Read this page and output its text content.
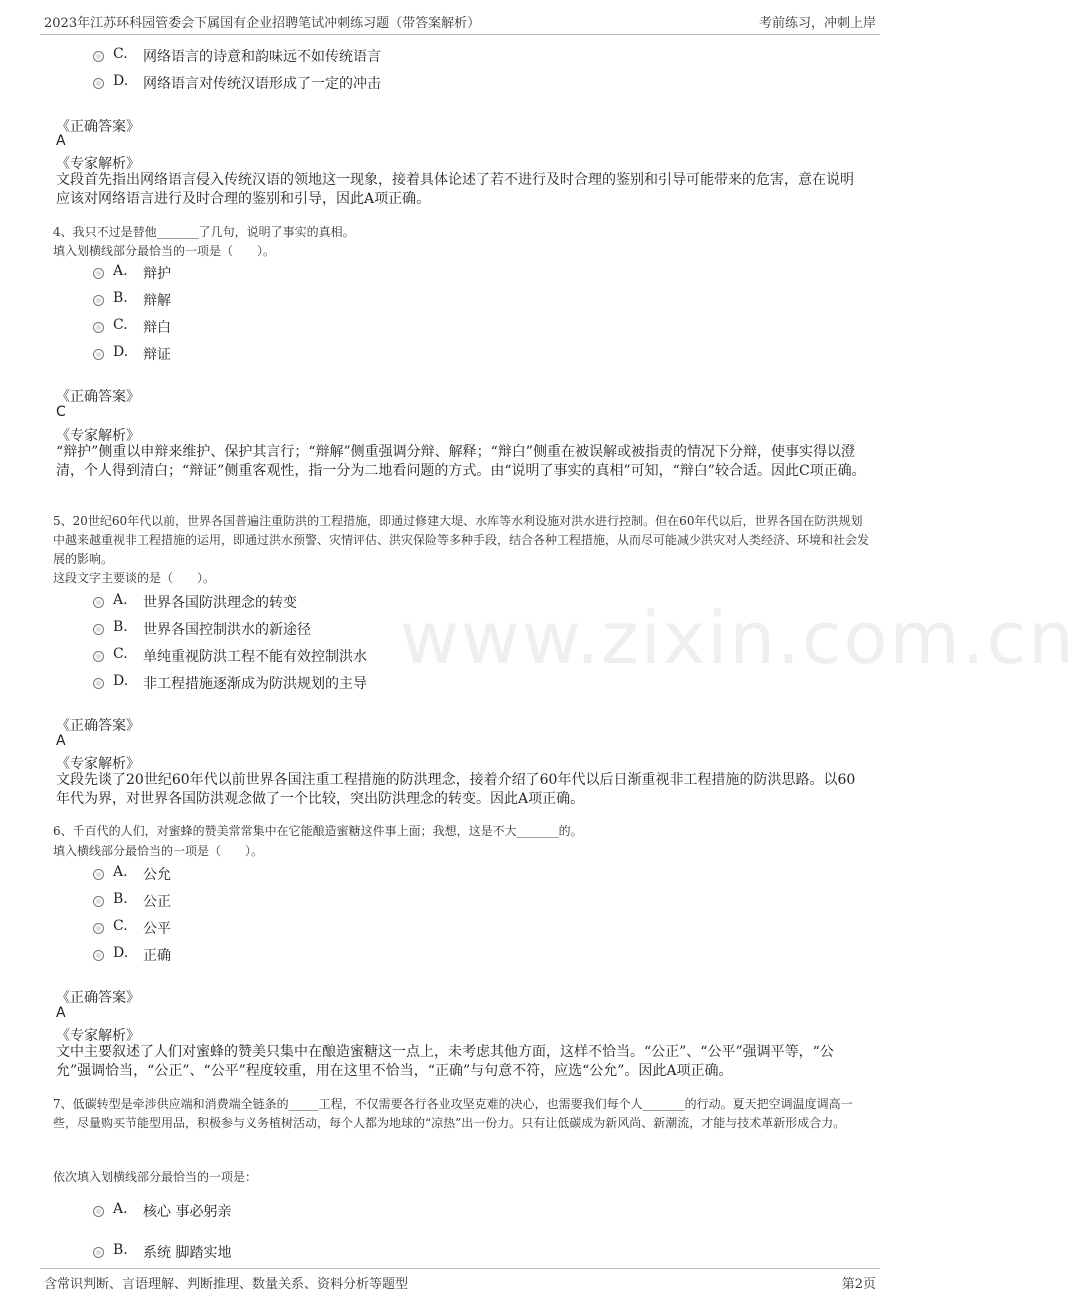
2023年江苏环科园管委会下属国有企业招聘笔试冲刺练习题（带答案解析）	考前练习，冲刺上岸
www.zixin.com.cn
C. 网络语言的诗意和韵味远不如传统语言
D. 网络语言对传统汉语形成了一定的冲击
《正确答案》
A
《专家解析》
文段首先指出网络语言侵入传统汉语的领地这一现象，接着具体论述了若不进行及时合理的鉴别和引导可能带来的危害，意在说明应该对网络语言进行及时合理的鉴别和引导，因此A项正确。
4、我只不过是替他_______了几句，说明了事实的真相。
填入划横线部分最恰当的一项是（　　）。
A. 辩护
B. 辩解
C. 辩白
D. 辩证
《正确答案》
C
《专家解析》
“辩护”侧重以申辩来维护、保护其言行；“辩解”侧重强调分辩、解释；“辩白”侧重在被误解或被指责的情况下分辩，使事实得以澄清，个人得到清白；“辩证”侧重客观性，指一分为二地看问题的方式。由“说明了事实的真相”可知，“辩白”较合适。因此C项正确。
5、20世纪60年代以前，世界各国普遍注重防洪的工程措施，即通过修建大堤、水库等水利设施对洪水进行控制。但在60年代以后，世界各国在防洪规划中越来越重视非工程措施的运用，即通过洪水预警、灾情评估、洪灾保险等多种手段，结合各种工程措施，从而尽可能减少洪灾对人类经济、环境和社会发展的影响。
这段文字主要谈的是（　　）。
A. 世界各国防洪理念的转变
B. 世界各国控制洪水的新途径
C. 单纯重视防洪工程不能有效控制洪水
D. 非工程措施逐渐成为防洪规划的主导
《正确答案》
A
《专家解析》
文段先谈了20世纪60年代以前世界各国注重工程措施的防洪理念，接着介绍了60年代以后日渐重视非工程措施的防洪思路。以60年代为界，对世界各国防洪观念做了一个比较，突出防洪理念的转变。因此A项正确。
6、千百代的人们，对蜜蜂的赞美常常集中在它能酿造蜜糖这件事上面；我想，这是不大_______的。
填入横线部分最恰当的一项是（　　）。
A. 公允
B. 公正
C. 公平
D. 正确
《正确答案》
A
《专家解析》
文中主要叙述了人们对蜜蜂的赞美只集中在酿造蜜糖这一点上，未考虑其他方面，这样不恰当。“公正”、“公平”强调平等，“公允”强调恰当，“公正”、“公平”程度较重，用在这里不恰当，“正确”与句意不符，应选“公允”。因此A项正确。
7、低碳转型是牵涉供应端和消费端全链条的_____工程，不仅需要各行各业攻坚克难的决心，也需要我们每个人_______的行动。夏天把空调温度调高一些，尽量购买节能型用品，积极参与义务植树活动，每个人都为地球的“凉热”出一份力。只有让低碳成为新风尚、新潮流，才能与技术革新形成合力。
依次填入划横线部分最恰当的一项是：
A. 核心 事必躬亲
B. 系统 脚踏实地
含常识判断、言语理解、判断推理、数量关系、资料分析等题型	第2页
